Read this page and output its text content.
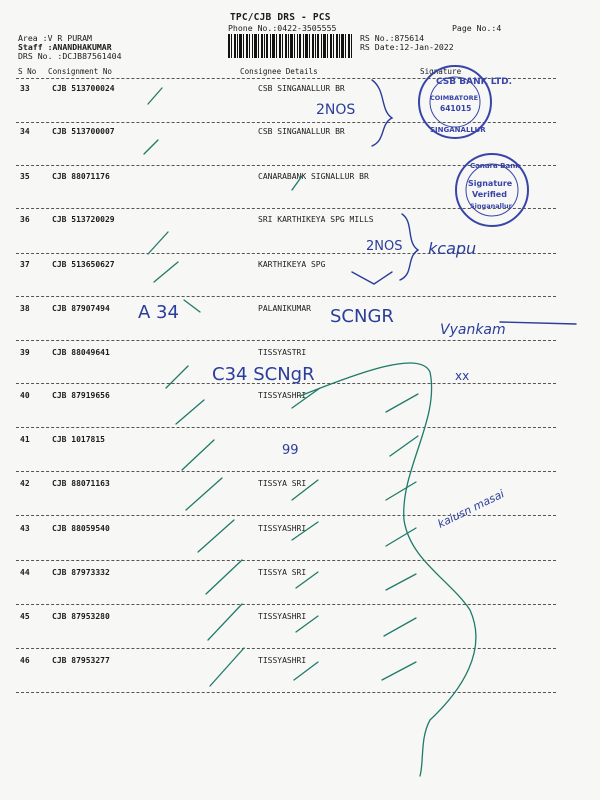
TPC/CJB DRS - PCS
Phone No.:0422-3505555	Page No.:4
Area :V R PURAM
Staff :ANANDHAKUMAR
DRS No. :DCJB87561404
RS No.:875614
RS Date:12-Jan-2022
S No Consignment No	Consignee Details	Signature
33	CJB 513700024	CSB SINGANALLUR BR
34	CJB 513700007	CSB SINGANALLUR BR
35	CJB 88071176	CANARABANK SIGNALLUR BR
36	CJB 513720029	SRI KARTHIKEYA SPG MILLS
37	CJB 513650627	KARTHIKEYA SPG
38	CJB 87907494	PALANIKUMAR
39	CJB 88049641	TISSYASTRI
40	CJB 87919656	TISSYASHRI
41	CJB 1017815
42	CJB 88071163	TISSYA SRI
43	CJB 88059540	TISSYASHRI
44	CJB 87973332	TISSYA SRI
45	CJB 87953280	TISSYASHRI
46	CJB 87953277	TISSYASHRI
CSB BANK LTD.
COIMBATORE
641015
SINGANALLUR
Canara Bank
Signature
Verified
Singanallur
2NOS
2NOS kcapu
A 34	SCNGR
Vyankam
C34 SCNgR	xx
99
kaiusn masai
